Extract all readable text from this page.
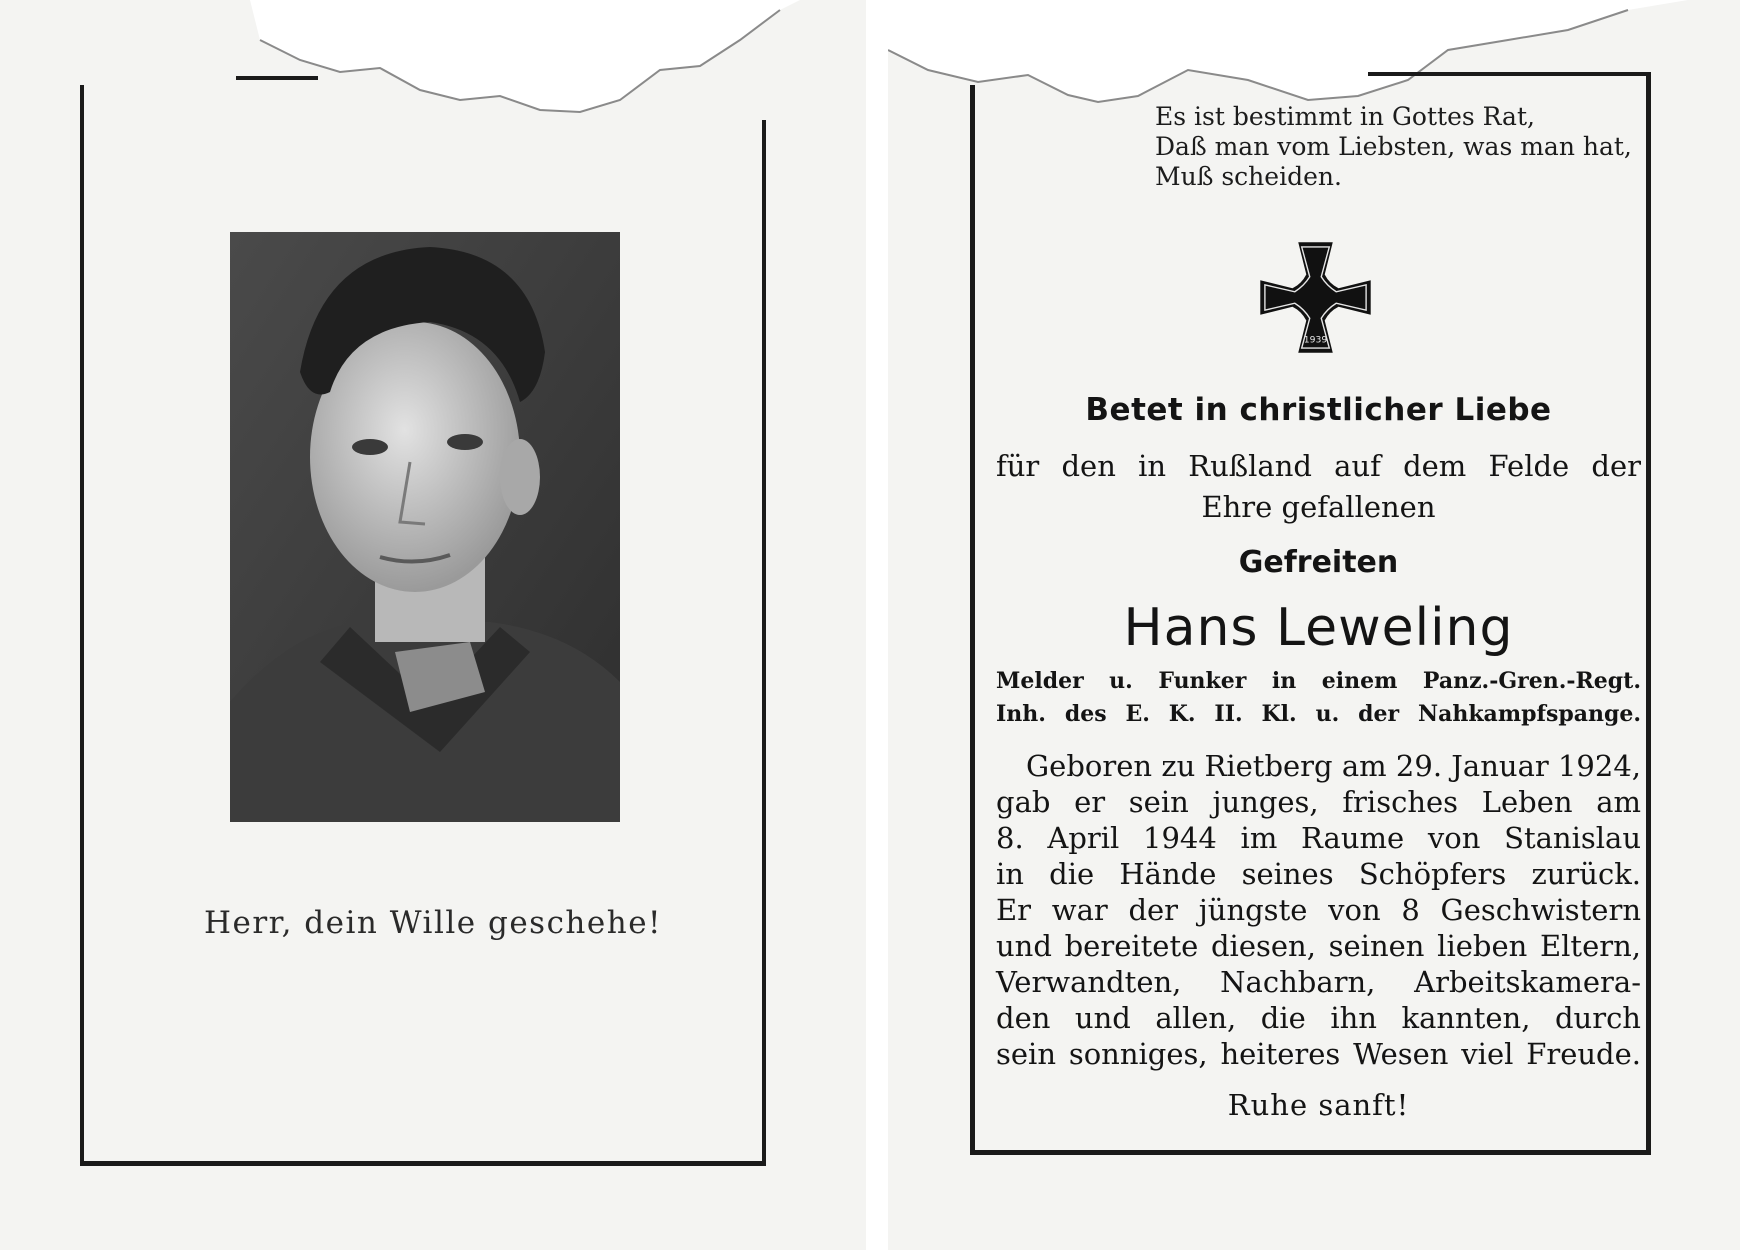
Herr, dein Wille geschehe!
Es ist bestimmt in Gottes Rat,
Daß man vom Liebsten, was man hat,
Muß scheiden.
1939
Betet in christlicher Liebe
für den in Rußland auf dem Felde der
Ehre gefallenen
Gefreiten
Hans Leweling
Melder u. Funker in einem Panz.-Gren.-Regt.
Inh. des E. K. II. Kl. u. der Nahkampfspange.
Geboren zu Rietberg am 29. Januar 1924,
gab er sein junges, frisches Leben am
8. April 1944 im Raume von Stanislau
in die Hände seines Schöpfers zurück.
Er war der jüngste von 8 Geschwistern
und bereitete diesen, seinen lieben Eltern,
Verwandten, Nachbarn, Arbeitskamera-
den und allen, die ihn kannten, durch
sein sonniges, heiteres Wesen viel Freude.
Ruhe sanft!
